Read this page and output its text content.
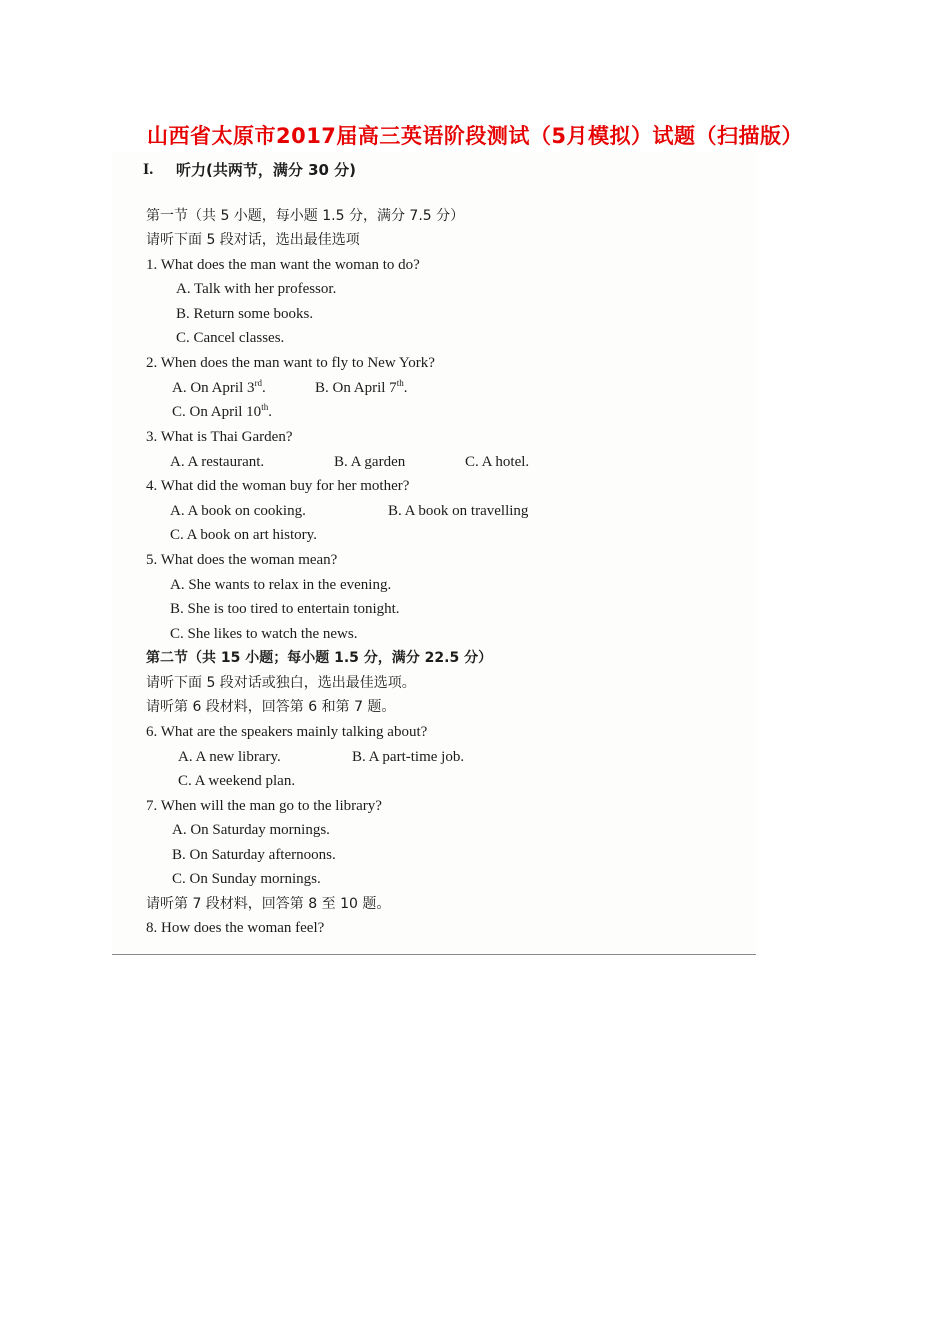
山西省太原市2017届高三英语阶段测试（5月模拟）试题（扫描版）
I. 听力(共两节，满分 30 分)
第一节（共 5 小题，每小题 1.5 分，满分 7.5 分）
请听下面 5 段对话，选出最佳选项
1. What does the man want the woman to do?
A. Talk with her professor.
B. Return some books.
C. Cancel classes.
2. When does the man want to fly to New York?
A. On April 3rd.	B. On April 7th.
C. On April 10th.
3. What is Thai Garden?
A. A restaurant.	B. A garden	C. A hotel.
4. What did the woman buy for her mother?
A. A book on cooking.	B. A book on travelling
C. A book on art history.
5. What does the woman mean?
A. She wants to relax in the evening.
B. She is too tired to entertain tonight.
C. She likes to watch the news.
第二节（共 15 小题；每小题 1.5 分，满分 22.5 分）
请听下面 5 段对话或独白，选出最佳选项。
请听第 6 段材料，回答第 6 和第 7 题。
6. What are the speakers mainly talking about?
A. A new library.	B. A part-time job.
C. A weekend plan.
7. When will the man go to the library?
A. On Saturday mornings.
B. On Saturday afternoons.
C. On Sunday mornings.
请听第 7 段材料，回答第 8 至 10 题。
8. How does the woman feel?
